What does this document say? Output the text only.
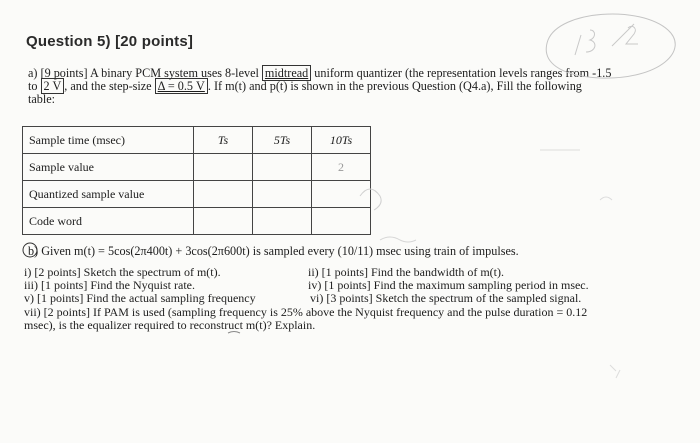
Question 5) [20 points]
a) [9 points] A binary PCM system uses 8-level midtread uniform quantizer (the representation levels ranges from -1.5
to 2 V , and the step-size Δ = 0.5 V . If m(t) and p(t) is shown in the previous Question (Q4.a), Fill the following
table:
Sample time (msec)	Ts	5Ts	10Ts
Sample value			2
Quantized sample value			
Code word			
b) Given m(t) = 5cos(2π400t) + 3cos(2π600t) is sampled every (10/11) msec using train of impulses.
i) [2 points] Sketch the spectrum of m(t).	ii) [1 points] Find the bandwidth of m(t).
iii) [1 points] Find the Nyquist rate.	iv) [1 points] Find the maximum sampling period in msec.
v) [1 points] Find the actual sampling frequency	vi) [3 points] Sketch the spectrum of the sampled signal.
vii) [2 points] If PAM is used (sampling frequency is 25% above the Nyquist frequency and the pulse duration = 0.12
msec), is the equalizer required to reconstruct m(t)? Explain.
